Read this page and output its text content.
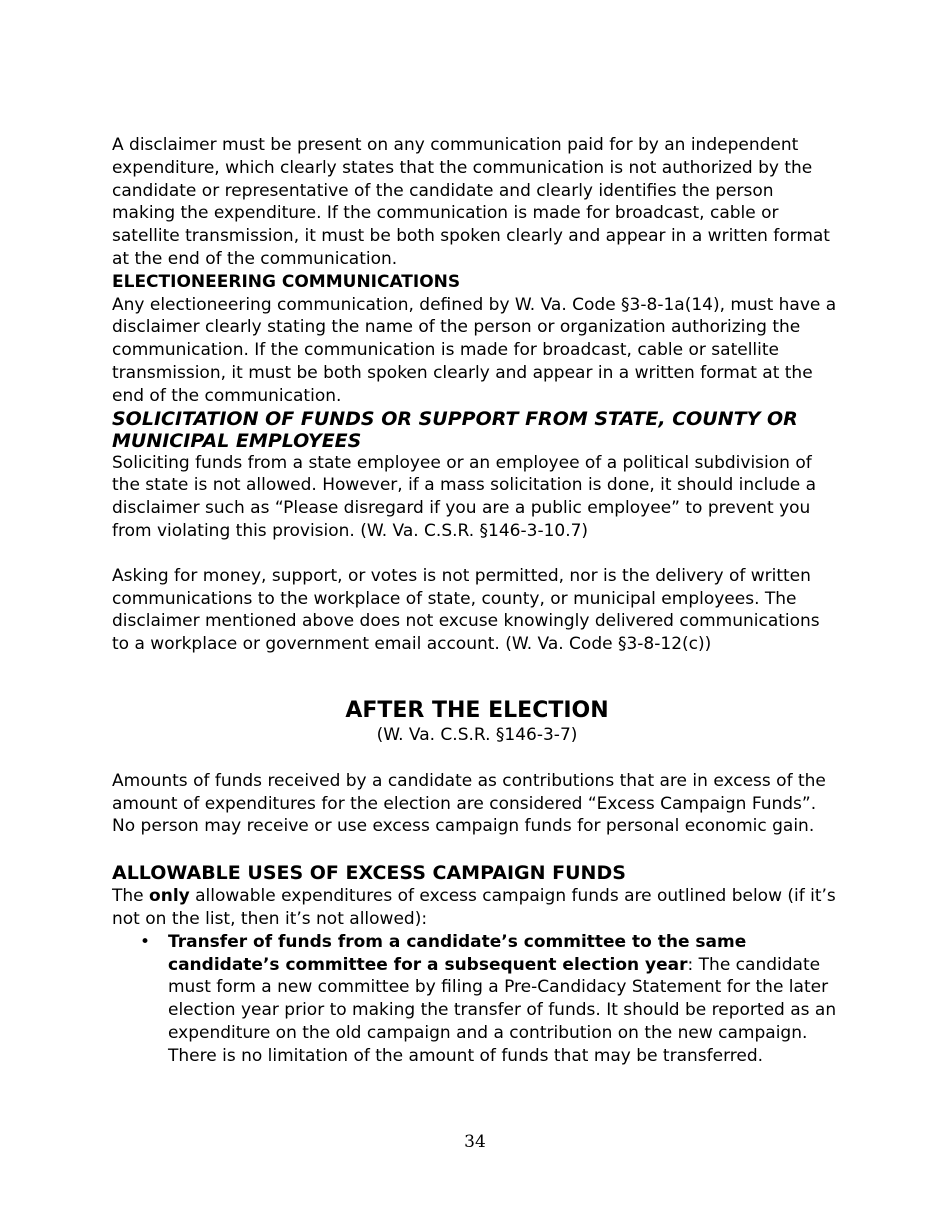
A disclaimer must be present on any communication paid for by an independent expenditure, which clearly states that the communication is not authorized by the candidate or representative of the candidate and clearly identifies the person making the expenditure. If the communication is made for broadcast, cable or satellite transmission, it must be both spoken clearly and appear in a written format at the end of the communication.

ELECTIONEERING COMMUNICATIONS

Any electioneering communication, defined by W. Va. Code §3-8-1a(14), must have a disclaimer clearly stating the name of the person or organization authorizing the communication. If the communication is made for broadcast, cable or satellite transmission, it must be both spoken clearly and appear in a written format at the end of the communication.

SOLICITATION OF FUNDS OR SUPPORT FROM STATE, COUNTY OR MUNICIPAL EMPLOYEES

Soliciting funds from a state employee or an employee of a political subdivision of the state is not allowed. However, if a mass solicitation is done, it should include a disclaimer such as “Please disregard if you are a public employee” to prevent you from violating this provision. (W. Va. C.S.R. §146-3-10.7)

Asking for money, support, or votes is not permitted, nor is the delivery of written communications to the workplace of state, county, or municipal employees. The disclaimer mentioned above does not excuse knowingly delivered communications to a workplace or government email account. (W. Va. Code §3-8-12(c))

AFTER THE ELECTION

(W. Va. C.S.R. §146-3-7)

Amounts of funds received by a candidate as contributions that are in excess of the amount of expenditures for the election are considered “Excess Campaign Funds”. No person may receive or use excess campaign funds for personal economic gain.

ALLOWABLE USES OF EXCESS CAMPAIGN FUNDS

The only allowable expenditures of excess campaign funds are outlined below (if it’s not on the list, then it’s not allowed):

• Transfer of funds from a candidate’s committee to the same candidate’s committee for a subsequent election year: The candidate must form a new committee by filing a Pre-Candidacy Statement for the later election year prior to making the transfer of funds. It should be reported as an expenditure on the old campaign and a contribution on the new campaign. There is no limitation of the amount of funds that may be transferred.
34
